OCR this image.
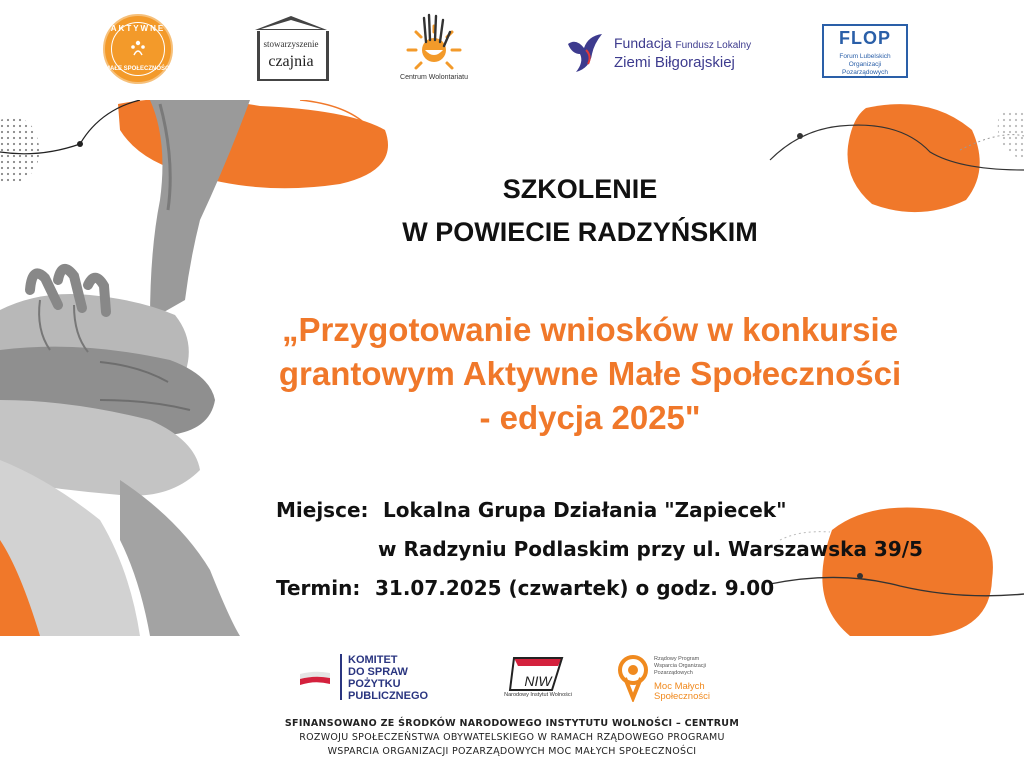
AKTYWNE
MAŁE SPOŁECZNOŚCI
stowarzyszenie
czajnia
Centrum Wolontariatu
Fundacja Fundusz Lokalny
Ziemi Biłgorajskiej
FLOP
Forum Lubelskich
Organizacji
Pozarządowych
SZKOLENIE
W POWIECIE RADZYŃSKIM
„Przygotowanie wniosków w konkursie
grantowym Aktywne Małe Społeczności
- edycja 2025"
Miejsce: Lokalna Grupa Działania "Zapiecek"
w Radzyniu Podlaskim przy ul. Warszawska 39/5
Termin: 31.07.2025 (czwartek) o godz. 9.00
KOMITET
DO SPRAW
POŻYTKU
PUBLICZNEGO
NIW
Narodowy Instytut Wolności
Rządowy Program
Wsparcia Organizacji
Pozarządowych
Moc Małych
Społeczności
SFINANSOWANO ZE ŚRODKÓW NARODOWEGO INSTYTUTU WOLNOŚCI – CENTRUM
ROZWOJU SPOŁECZEŃSTWA OBYWATELSKIEGO W RAMACH RZĄDOWEGO PROGRAMU
WSPARCIA ORGANIZACJI POZARZĄDOWYCH MOC MAŁYCH SPOŁECZNOŚCI
